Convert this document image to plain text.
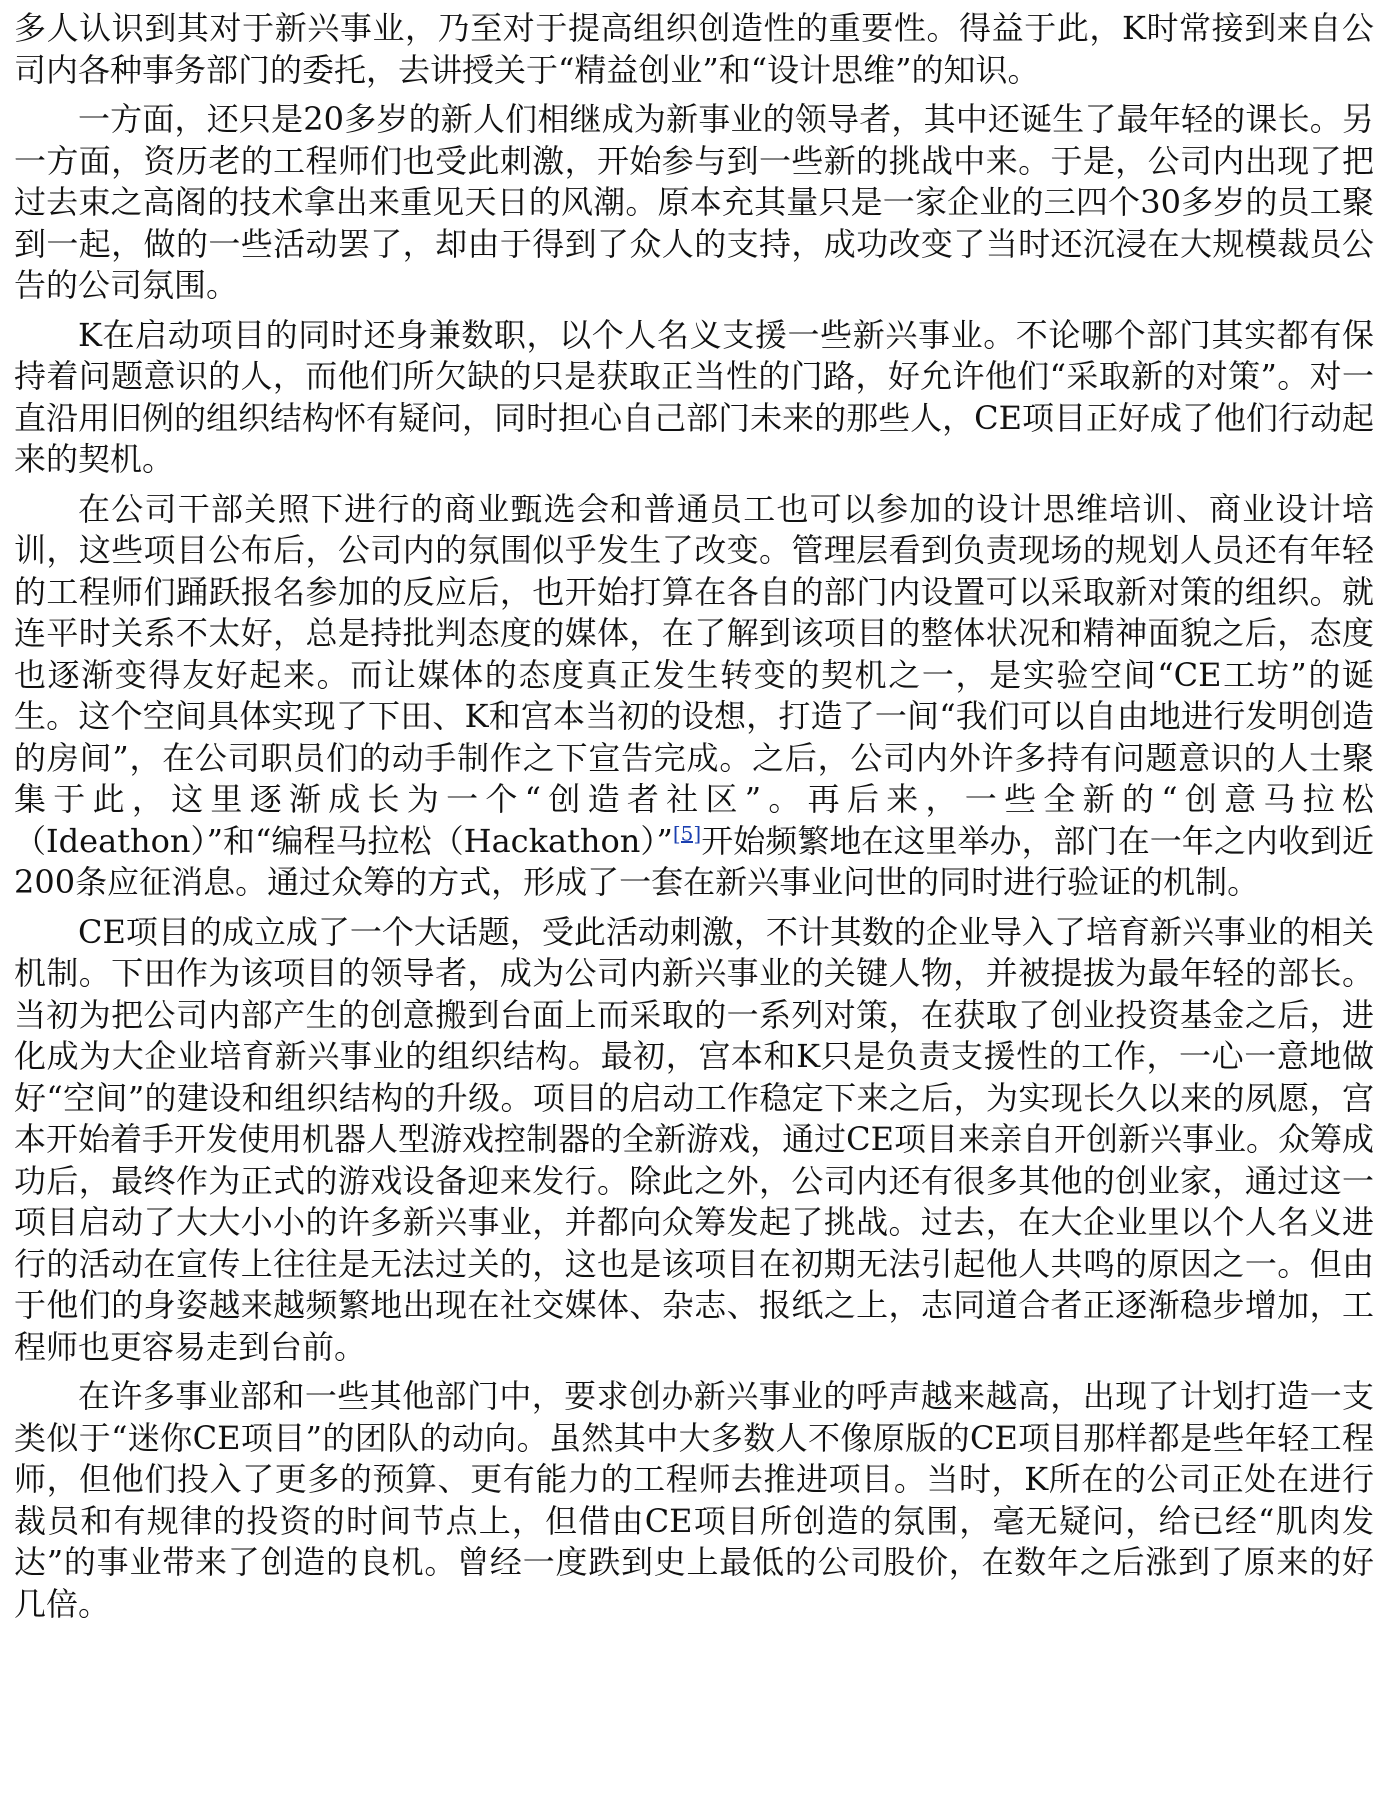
多人认识到其对于新兴事业，乃至对于提高组织创造性的重要性。得益于此，K时常接到来自公司内各种事务部门的委托，去讲授关于“精益创业”和“设计思维”的知识。

一方面，还只是20多岁的新人们相继成为新事业的领导者，其中还诞生了最年轻的课长。另一方面，资历老的工程师们也受此刺激，开始参与到一些新的挑战中来。于是，公司内出现了把过去束之高阁的技术拿出来重见天日的风潮。原本充其量只是一家企业的三四个30多岁的员工聚到一起，做的一些活动罢了，却由于得到了众人的支持，成功改变了当时还沉浸在大规模裁员公告的公司氛围。

K在启动项目的同时还身兼数职，以个人名义支援一些新兴事业。不论哪个部门其实都有保持着问题意识的人，而他们所欠缺的只是获取正当性的门路，好允许他们“采取新的对策”。对一直沿用旧例的组织结构怀有疑问，同时担心自己部门未来的那些人，CE项目正好成了他们行动起来的契机。

在公司干部关照下进行的商业甄选会和普通员工也可以参加的设计思维培训、商业设计培训，这些项目公布后，公司内的氛围似乎发生了改变。管理层看到负责现场的规划人员还有年轻的工程师们踊跃报名参加的反应后，也开始打算在各自的部门内设置可以采取新对策的组织。就连平时关系不太好，总是持批判态度的媒体，在了解到该项目的整体状况和精神面貌之后，态度也逐渐变得友好起来。而让媒体的态度真正发生转变的契机之一，是实验空间“CE工坊”的诞生。这个空间具体实现了下田、K和宫本当初的设想，打造了一间“我们可以自由地进行发明创造的房间”，在公司职员们的动手制作之下宣告完成。之后，公司内外许多持有问题意识的人士聚集于此，这里逐渐成长为一个“创造者社区”。再后来，一些全新的“创意马拉松（Ideathon）”和“编程马拉松（Hackathon）”[5]开始频繁地在这里举办，部门在一年之内收到近200条应征消息。通过众筹的方式，形成了一套在新兴事业问世的同时进行验证的机制。

CE项目的成立成了一个大话题，受此活动刺激，不计其数的企业导入了培育新兴事业的相关机制。下田作为该项目的领导者，成为公司内新兴事业的关键人物，并被提拔为最年轻的部长。当初为把公司内部产生的创意搬到台面上而采取的一系列对策，在获取了创业投资基金之后，进化成为大企业培育新兴事业的组织结构。最初，宫本和K只是负责支援性的工作，一心一意地做好“空间”的建设和组织结构的升级。项目的启动工作稳定下来之后，为实现长久以来的夙愿，宫本开始着手开发使用机器人型游戏控制器的全新游戏，通过CE项目来亲自开创新兴事业。众筹成功后，最终作为正式的游戏设备迎来发行。除此之外，公司内还有很多其他的创业家，通过这一项目启动了大大小小的许多新兴事业，并都向众筹发起了挑战。过去，在大企业里以个人名义进行的活动在宣传上往往是无法过关的，这也是该项目在初期无法引起他人共鸣的原因之一。但由于他们的身姿越来越频繁地出现在社交媒体、杂志、报纸之上，志同道合者正逐渐稳步增加，工程师也更容易走到台前。

在许多事业部和一些其他部门中，要求创办新兴事业的呼声越来越高，出现了计划打造一支类似于“迷你CE项目”的团队的动向。虽然其中大多数人不像原版的CE项目那样都是些年轻工程师，但他们投入了更多的预算、更有能力的工程师去推进项目。当时，K所在的公司正处在进行裁员和有规律的投资的时间节点上，但借由CE项目所创造的氛围，毫无疑问，给已经“肌肉发达”的事业带来了创造的良机。曾经一度跌到史上最低的公司股价，在数年之后涨到了原来的好几倍。
